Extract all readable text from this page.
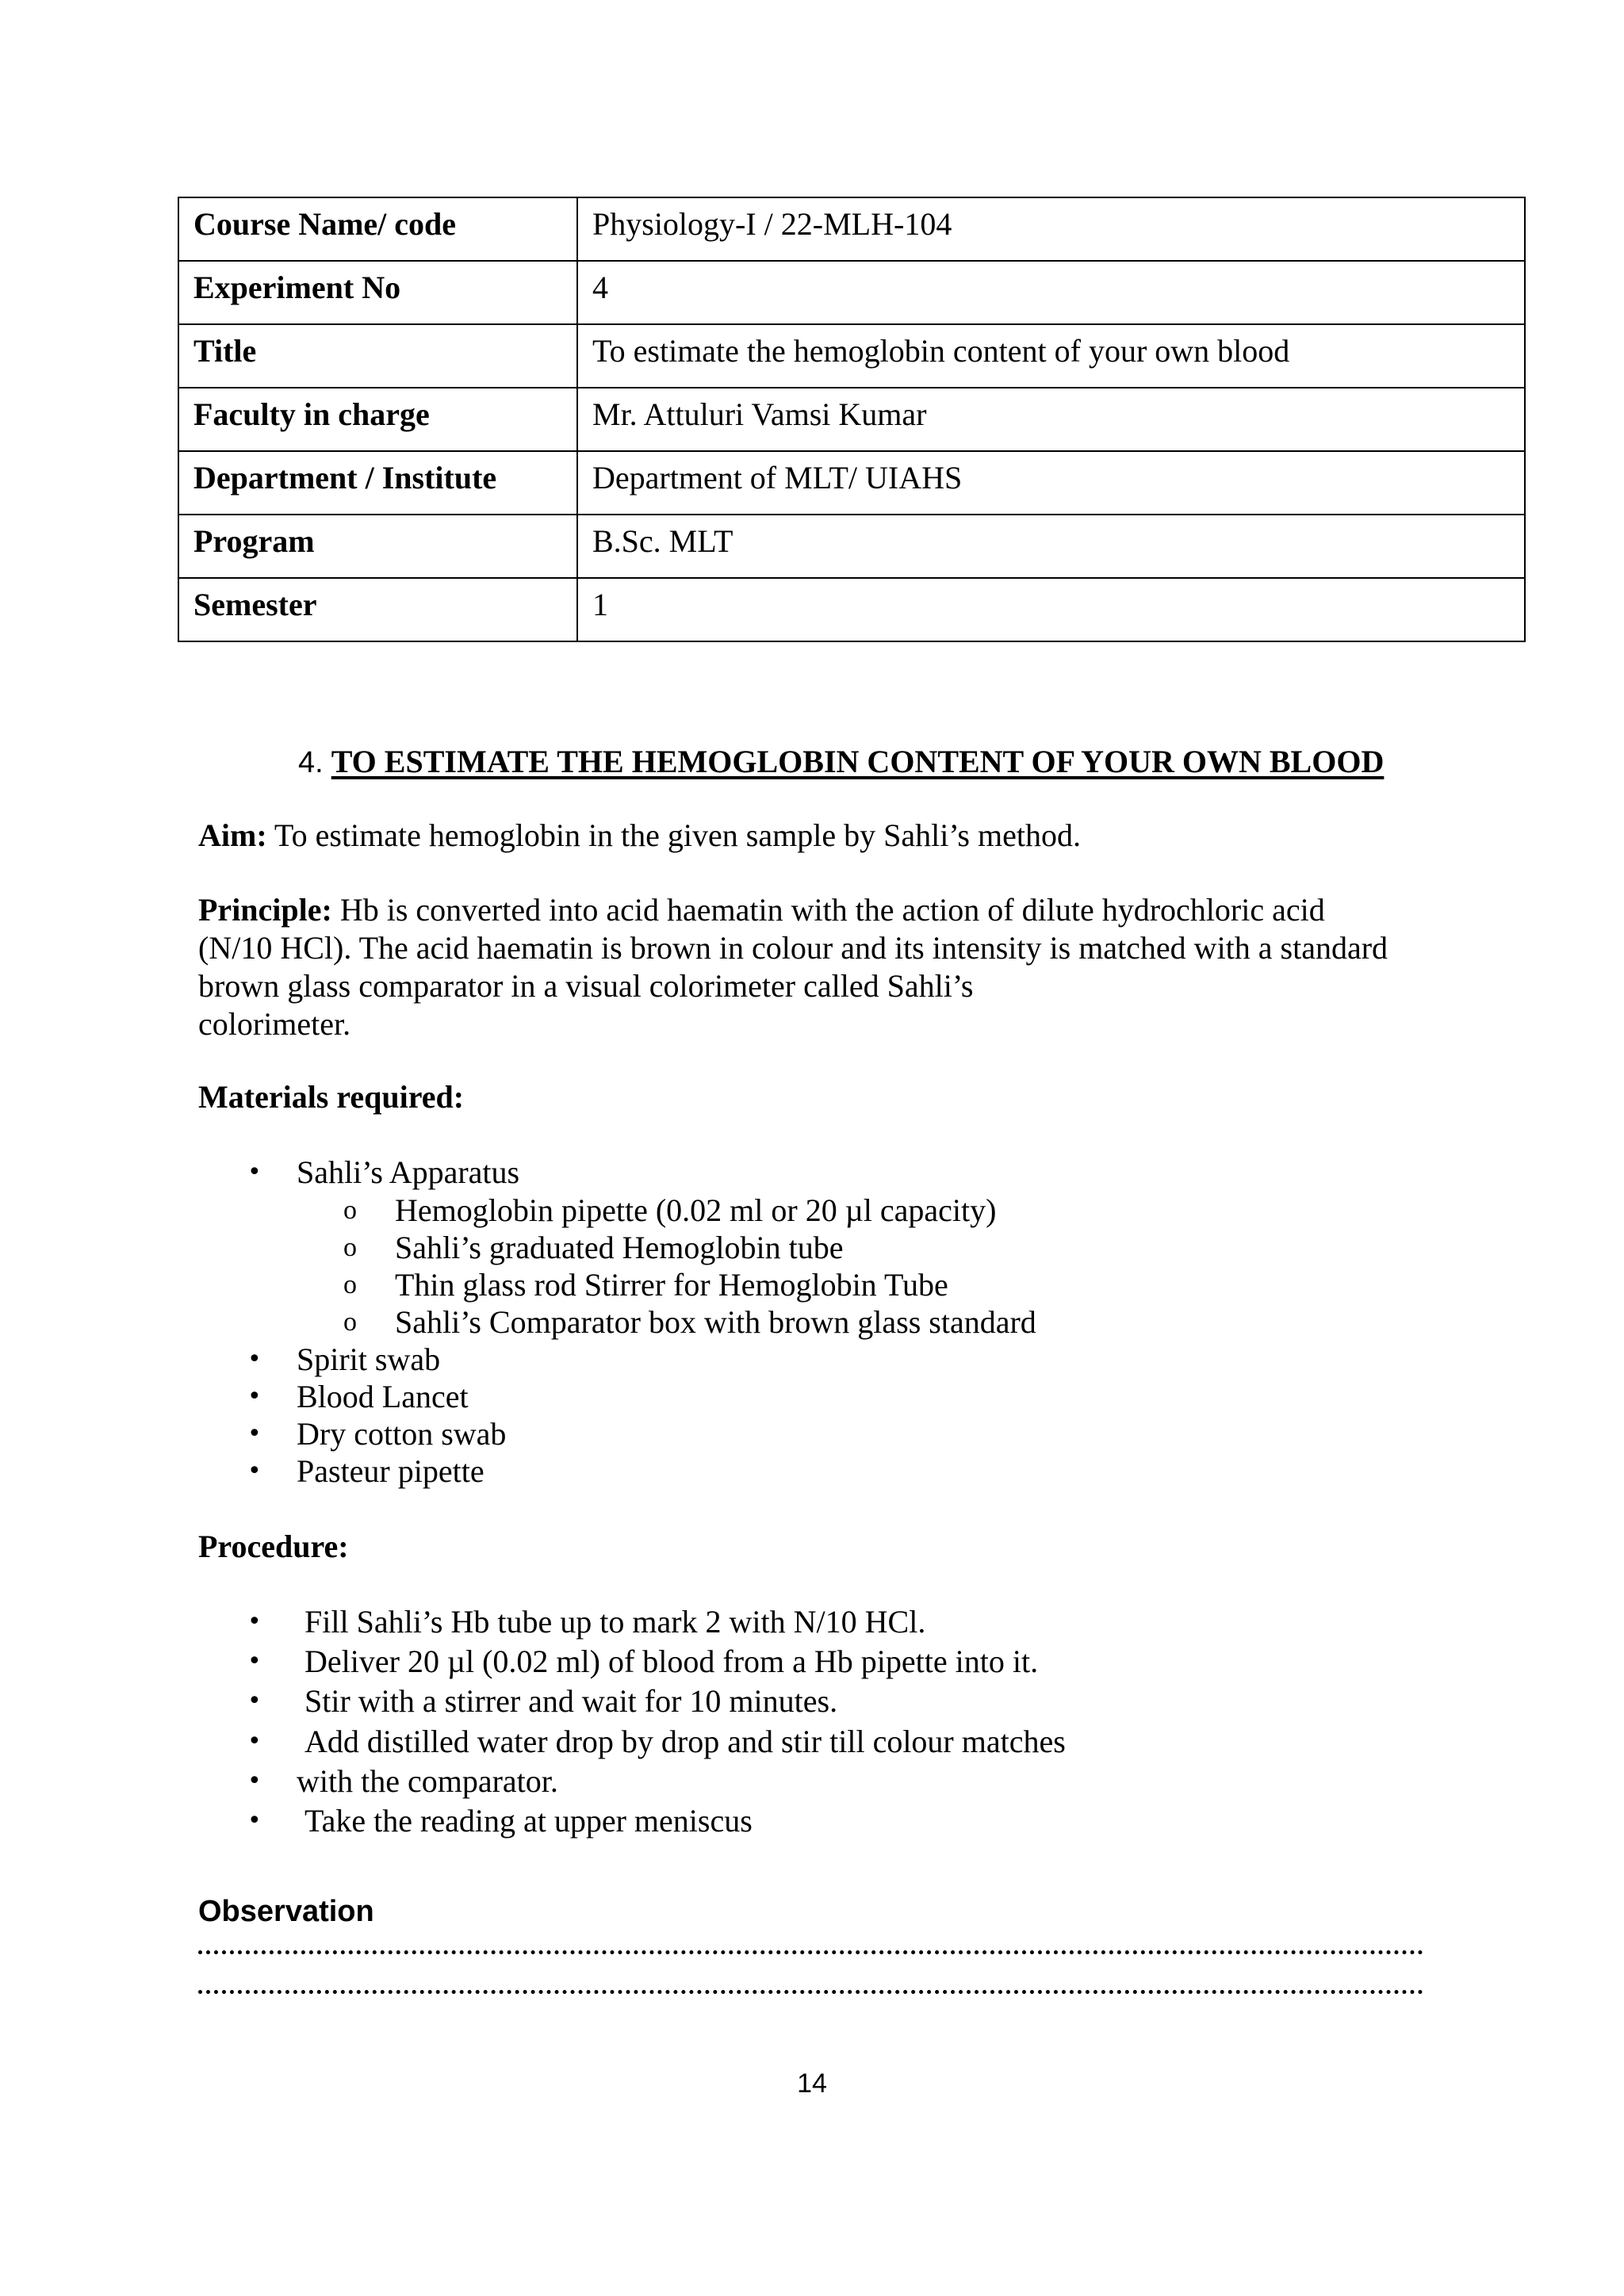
Course Name/ code	Physiology-I / 22-MLH-104
Experiment No	4
Title	To estimate the hemoglobin content of your own blood
Faculty in charge	Mr. Attuluri Vamsi Kumar
Department / Institute	Department of MLT/ UIAHS
Program	B.Sc. MLT
Semester	1
4. TO ESTIMATE THE HEMOGLOBIN CONTENT OF YOUR OWN BLOOD
Aim: To estimate hemoglobin in the given sample by Sahli’s method.
Principle: Hb is converted into acid haematin with the action of dilute hydrochloric acid
(N/10 HCl). The acid haematin is brown in colour and its intensity is matched with a standard
brown glass comparator in a visual colorimeter called Sahli’s
colorimeter.
Materials required:
• Sahli’s Apparatus
o Hemoglobin pipette (0.02 ml or 20 µl capacity)
o Sahli’s graduated Hemoglobin tube
o Thin glass rod Stirrer for Hemoglobin Tube
o Sahli’s Comparator box with brown glass standard
• Spirit swab
• Blood Lancet
• Dry cotton swab
• Pasteur pipette
Procedure:
• Fill Sahli’s Hb tube up to mark 2 with N/10 HCl.
• Deliver 20 µl (0.02 ml) of blood from a Hb pipette into it.
• Stir with a stirrer and wait for 10 minutes.
• Add distilled water drop by drop and stir till colour matches
• with the comparator.
• Take the reading at upper meniscus
Observation
14
